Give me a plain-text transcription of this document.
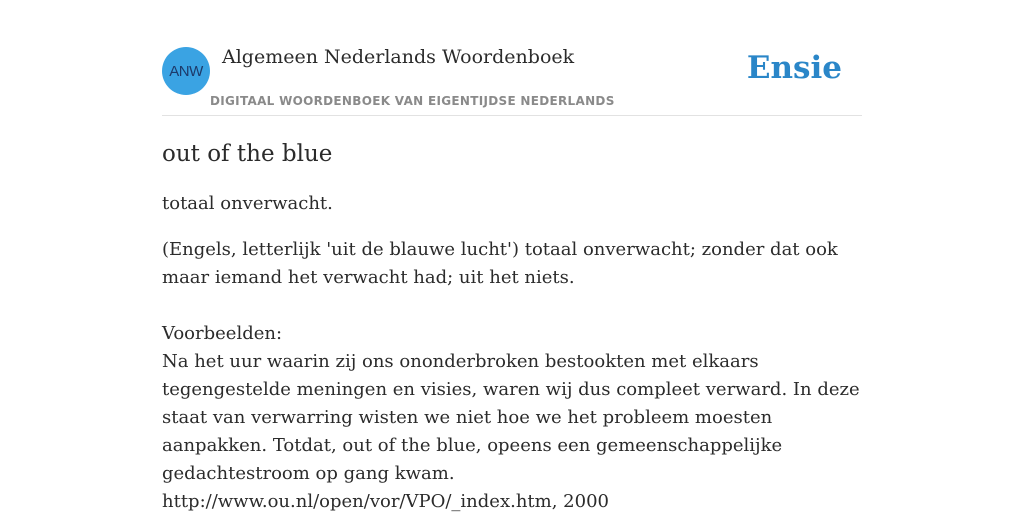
ANW
Algemeen Nederlands Woordenboek
DIGITAAL WOORDENBOEK VAN EIGENTIJDSE NEDERLANDS
Ensie
out of the blue

totaal onverwacht.

(Engels, letterlijk 'uit de blauwe lucht') totaal onverwacht; zonder dat ook maar iemand het verwacht had; uit het niets.

Voorbeelden:

Na het uur waarin zij ons ononderbroken bestookten met elkaars tegengestelde meningen en visies, waren wij dus compleet verward. In deze staat van verwarring wisten we niet hoe we het probleem moesten aanpakken. Totdat, out of the blue, opeens een gemeenschappelijke gedachtestroom op gang kwam.

http://www.ou.nl/open/vor/VPO/_index.htm, 2000
